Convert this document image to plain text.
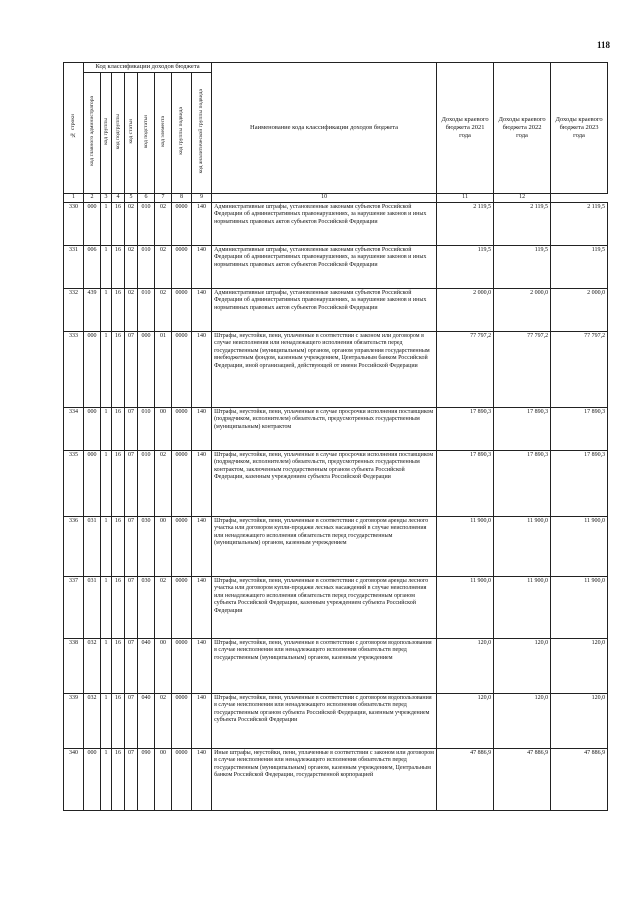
118
№ строки	Код классификации доходов бюджета								Наименование кода классификации доходов бюджета	Доходы краевого бюджета 2021 года	Доходы краевого бюджета 2022 года	Доходы краевого бюджета 2023 года
	код главного администратора	код группы	код подгруппы	код статьи	код подстатьи	код элемента	код группы подвида	код аналитической группы подвида				
1	2	3	4	5	6	7	8	9	10	11	12
330	000	1	16	02	010	02	0000	140	Административные штрафы, установленные законами субъектов Российской Федерации об административных правонарушениях, за нарушение законов и иных нормативных правовых актов субъектов Российской Федерации	2 119,5	2 119,5	2 119,5
331	006	1	16	02	010	02	0000	140	Административные штрафы, установленные законами субъектов Российской Федерации об административных правонарушениях, за нарушение законов и иных нормативных правовых актов субъектов Российской Федерации	119,5	119,5	119,5
332	439	1	16	02	010	02	0000	140	Административные штрафы, установленные законами субъектов Российской Федерации об административных правонарушениях, за нарушение законов и иных нормативных правовых актов субъектов Российской Федерации	2 000,0	2 000,0	2 000,0
333	000	1	16	07	000	01	0000	140	Штрафы, неустойки, пени, уплаченные в соответствии с законом или договором в случае неисполнения или ненадлежащего исполнения обязательств перед государственным (муниципальным) органом, органом управления государственным внебюджетным фондом, казенным учреждением, Центральным банком Российской Федерации, иной организацией, действующей от имени Российской Федерации	77 797,2	77 797,2	77 797,2
334	000	1	16	07	010	00	0000	140	Штрафы, неустойки, пени, уплаченные в случае просрочки исполнения поставщиком (подрядчиком, исполнителем) обязательств, предусмотренных государственным (муниципальным) контрактом	17 890,3	17 890,3	17 890,3
335	000	1	16	07	010	02	0000	140	Штрафы, неустойки, пени, уплаченные в случае просрочки исполнения поставщиком (подрядчиком, исполнителем) обязательств, предусмотренных государственным контрактом, заключенным государственным органом субъекта Российской Федерации, казенным учреждением субъекта Российской Федерации	17 890,3	17 890,3	17 890,3
336	031	1	16	07	030	00	0000	140	Штрафы, неустойки, пени, уплаченные в соответствии с договором аренды лесного участка или договором купли-продажи лесных насаждений в случае неисполнения или ненадлежащего исполнения обязательств перед государственным (муниципальным) органом, казенным учреждением	11 900,0	11 900,0	11 900,0
337	031	1	16	07	030	02	0000	140	Штрафы, неустойки, пени, уплаченные в соответствии с договором аренды лесного участка или договором купли-продажи лесных насаждений в случае неисполнения или ненадлежащего исполнения обязательств перед государственным органом субъекта Российской Федерации, казенным учреждением субъекта Российской Федерации	11 900,0	11 900,0	11 900,0
338	032	1	16	07	040	00	0000	140	Штрафы, неустойки, пени, уплаченные в соответствии с договором водопользования в случае неисполнения или ненадлежащего исполнения обязательств перед государственным (муниципальным) органом, казенным учреждением	120,0	120,0	120,0
339	032	1	16	07	040	02	0000	140	Штрафы, неустойки, пени, уплаченные в соответствии с договором водопользования в случае неисполнения или ненадлежащего исполнения обязательств перед государственным органом субъекта Российской Федерации, казенным учреждением субъекта Российской Федерации	120,0	120,0	120,0
340	000	1	16	07	090	00	0000	140	Иные штрафы, неустойки, пени, уплаченные в соответствии с законом или договором в случае неисполнения или ненадлежащего исполнения обязательств перед государственным (муниципальным) органом, казенным учреждением, Центральным банком Российской Федерации, государственной корпорацией	47 886,9	47 886,9	47 886,9
